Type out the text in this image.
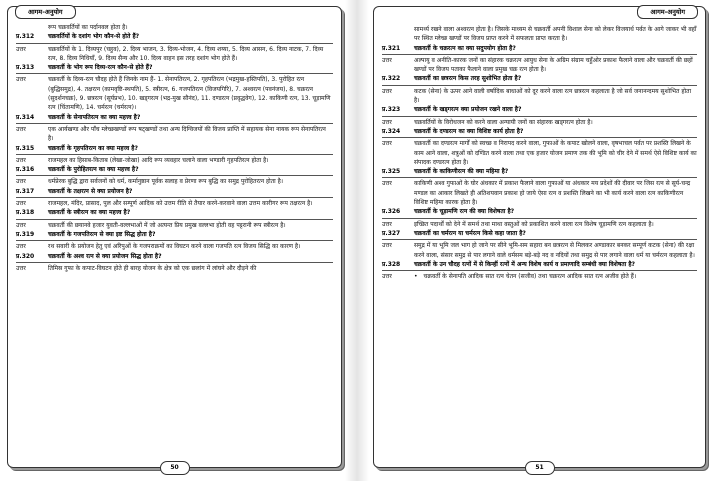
आगम-अनुयोग
रूप चक्रवर्तियों का पर्दानवल होता है।
प्र.312	चक्रवर्तियों के दशांग भोग कौन-से होते हैं?
उत्तर	चक्रवर्तियों के 1. दिव्यपुर (चहुव), 2. दिव्य भाजन, 3. दिव्य-भोजन, 4. दिव्य शय्या, 5. दिव्य आसन, 6. दिव्य नाटक, 7. दिव्य रत्न, 8. दिव्य निधियाँ, 9. दिव्य सैन्य और 10. दिव्य वाहन इस तरह दशांग भोग होते हैं।
प्र.313	चक्रवर्ती के भोग रूप दिव्य-रत्न कौन-से होते हैं?
उत्तर	चक्रवर्ती के दिव्य-रत्न चौदह होते हैं जिनके नाम हैं- 1. सेनापतिरत्न, 2. गृहपतिरत्न (भद्रमुख-हस्तिपति), 3. पुरोहित रत्न (बुद्धिसमुद्र), 4. तक्षरत्न (कामवृष्टि-स्थपति), 5. स्त्रीरत्न, 6. गजपतिरत्न (विजयगिरि), 7. अश्वरत्न (पवनंजय), 8. चक्ररत्न (सुदर्शनचक्र), 9. छत्ररत्न (सूर्यप्रभ), 10. खड्गरत्न (भद्र-मुख सौनंद), 11. दण्डरत्न (प्रवृद्धवेग), 12. काकिणी रत्न, 13. चूड़ामणि रत्न (चिंतामणि), 14. चर्मरत्न (चर्मरत्न)।
प्र.314	चक्रवर्ती के सेनापतिरत्न का क्या महत्त्व है?
उत्तर	एक आर्यखण्ड और पाँच म्लेच्छखण्डों रूप षट्खण्डों तथा अन्य दिग्विजयों की विजय प्राप्ति में सहायक सेना नायक रूप सेनापतिरत्न है।
प्र.315	चक्रवर्ती के गृहपतिरत्न का क्या महत्त्व है?
उत्तर	राजमहल का हिसाब-किताब (लेखा-जोखा) आदि रूप व्यवहार चलाने वाला भण्डारी गृहपतिरत्न होता है।
प्र.316	चक्रवर्ती के पुरोहितरत्न का क्या महत्त्व है?
उत्तर	धर्मप्रेरक बुद्धि द्वारा सर्वजनों को धर्म, कर्मानुष्ठान पूर्वक सलाह व प्रेरणा रूप बुद्धि का समुद्र पुरोहितरत्न होता है।
प्र.317	चक्रवर्ती के तक्षरत्न से क्या प्रयोजन है?
उत्तर	राजमहल, मंदिर, प्रासाद, पुल और सम्पूर्ण आदिक को उत्तम रीति से तैयार करने-करवाने वाला उत्तम कारीगर रूप तक्षरत्न है।
प्र.318	चक्रवर्ती के स्त्रीरत्न का क्या महत्त्व है?
उत्तर	चक्रवर्ती की छयानवे हजार युवती-वल्लभाओं में जो अत्यन्त प्रिय प्रमुख वल्लभा होती वह पट्टरानी रूप स्त्रीरत्न है।
प्र.319	चक्रवर्ती के गजपतिरत्न से क्या इष्ट सिद्ध होता है?
उत्तर	रथ सवारी के प्रयोजन हेतु एवं अरिपुओं के गजपराक्रमों का विघटन करने वाला गजपति रत्न विजय सिद्धि का कारण है।
प्र.320	चक्रवर्ती के अश्व रत्न से क्या प्रयोजन सिद्ध होता है?
उत्तर	तिमिस्र गुफा के कपाट-विघटन होते ही बारह योजन के क्षेत्र को एक छलांग में लांघने और दौड़ने की
50
आगम-अनुयोग
सामर्थ्य रखने वाला अश्वरत्न होता है। जिसके माध्यम से चक्रवर्ती अपनी विशाल सेना को लेकर विजयार्ध पर्वत के आगे जाकर भी वहाँ पर स्थित म्लेच्छ खण्डों पर विजय प्राप्त करने में सफलता प्राप्त करता है।
प्र.321	चक्रवर्ती के चक्ररत्न का क्या सदुपयोग होता है?
उत्तर	अल्पायु व अनीति-कारक जनों का संहारक चक्ररत्न आयुध सेना के अग्रिम संग्राम चहुँओर प्रकाश फैलाने वाला और चक्रवर्ती की छहों खण्डों पर विजय पताका फैलाने वाला प्रमुख चक्र रत्न होता है।
प्र.322	चक्रवर्ती का छत्ररत्न किस तरह सुशोभित होता है?
उत्तर	कटक (सेना) के ऊपर आने वाली वर्षादिक बाधाओं को दूर करने वाला रत्न छत्ररत्न कहलाता है जो सर्व जनानन्दमय सुशोभित होता है।
प्र.323	चक्रवर्ती के खड्गरत्न क्या प्रयोजन रखने वाला है?
उत्तर	चक्रवर्तियों के विरोधजन को करने वाला अन्यायी जनों का संहारक खड्गरत्न होता है।
प्र.324	चक्रवर्ती के दण्डरत्न का क्या विशिष्ट कार्य होता है?
उत्तर	चक्रवर्ती का दण्डरत्न मार्गों को स्वच्छ व निरापद करने वाला, गुफाओं के कपाट खोलने वाला, वृषभाचल पर्वत पर प्रशस्ति लिखने के काम आने वाला, शत्रुओं को दण्डित करने वाला तथा एक हजार योजन प्रमाण तक की भूमि को चीर देने में समर्थ ऐसे विशिष्ट कार्य का संपादक दण्डरत्न होता है।
प्र.325	चक्रवर्ती के काकिणीरत्न की क्या महिमा है?
उत्तर	काकिणी अश्व गुफाओं के घोर अंधकार में प्रकाश फैलाने वाला गुफाओं या अंधकार मय प्रदेशों की दीवार पर जिस रत्न से सूर्य-चन्द्र मण्डल का आकार लिखते ही अतिशयवान प्रकाश हो जाये ऐसा रत्न व प्रशस्ति लिखने का भी कार्य करने वाला रत्न काकिणीरत्न विशिष्ट महिमा कारक होता है।
प्र.326	चक्रवर्ती के चूड़ामणि रत्न की क्या विशेषता है?
उत्तर	इच्छित पदार्थों को देने में समर्थ तथा माथा वस्तुओं को प्रकाशित करने वाला रत्न विशेष चूड़ामणि रत्न कहलाता है।
प्र.327	चक्रवर्ती का चर्मरत्न या चर्मरत्न किसे कहा जाता है?
उत्तर	समुद्र में या भूमि जल भाग हो जाने पर सीने भूमि-सम सहारा बन छत्ररत्न से मिलकर अण्डाकार बनकर सम्पूर्ण कटक (सेना) की रक्षा करने वाला, संसार समुद्र से पार लगाने वाले धर्मसम बड़े-बड़े नद व नदियों तथा समुद्र से पार लगाने वाला धर्म या चर्मरत्न कहलाता है।
प्र.328	चक्रवर्ती के उन चौदह रत्नों में से किन्हीं रत्नों में अन्य विशेष कार्य व प्रमाणादि सम्बंधी क्या विशेषता है?
उत्तर	•	चक्रवर्ती के सेनापति आदिक सात रत्न चेतन (सजीव) तथा चक्ररत्न आदिक सात रत्न अजीव होते हैं।
51
